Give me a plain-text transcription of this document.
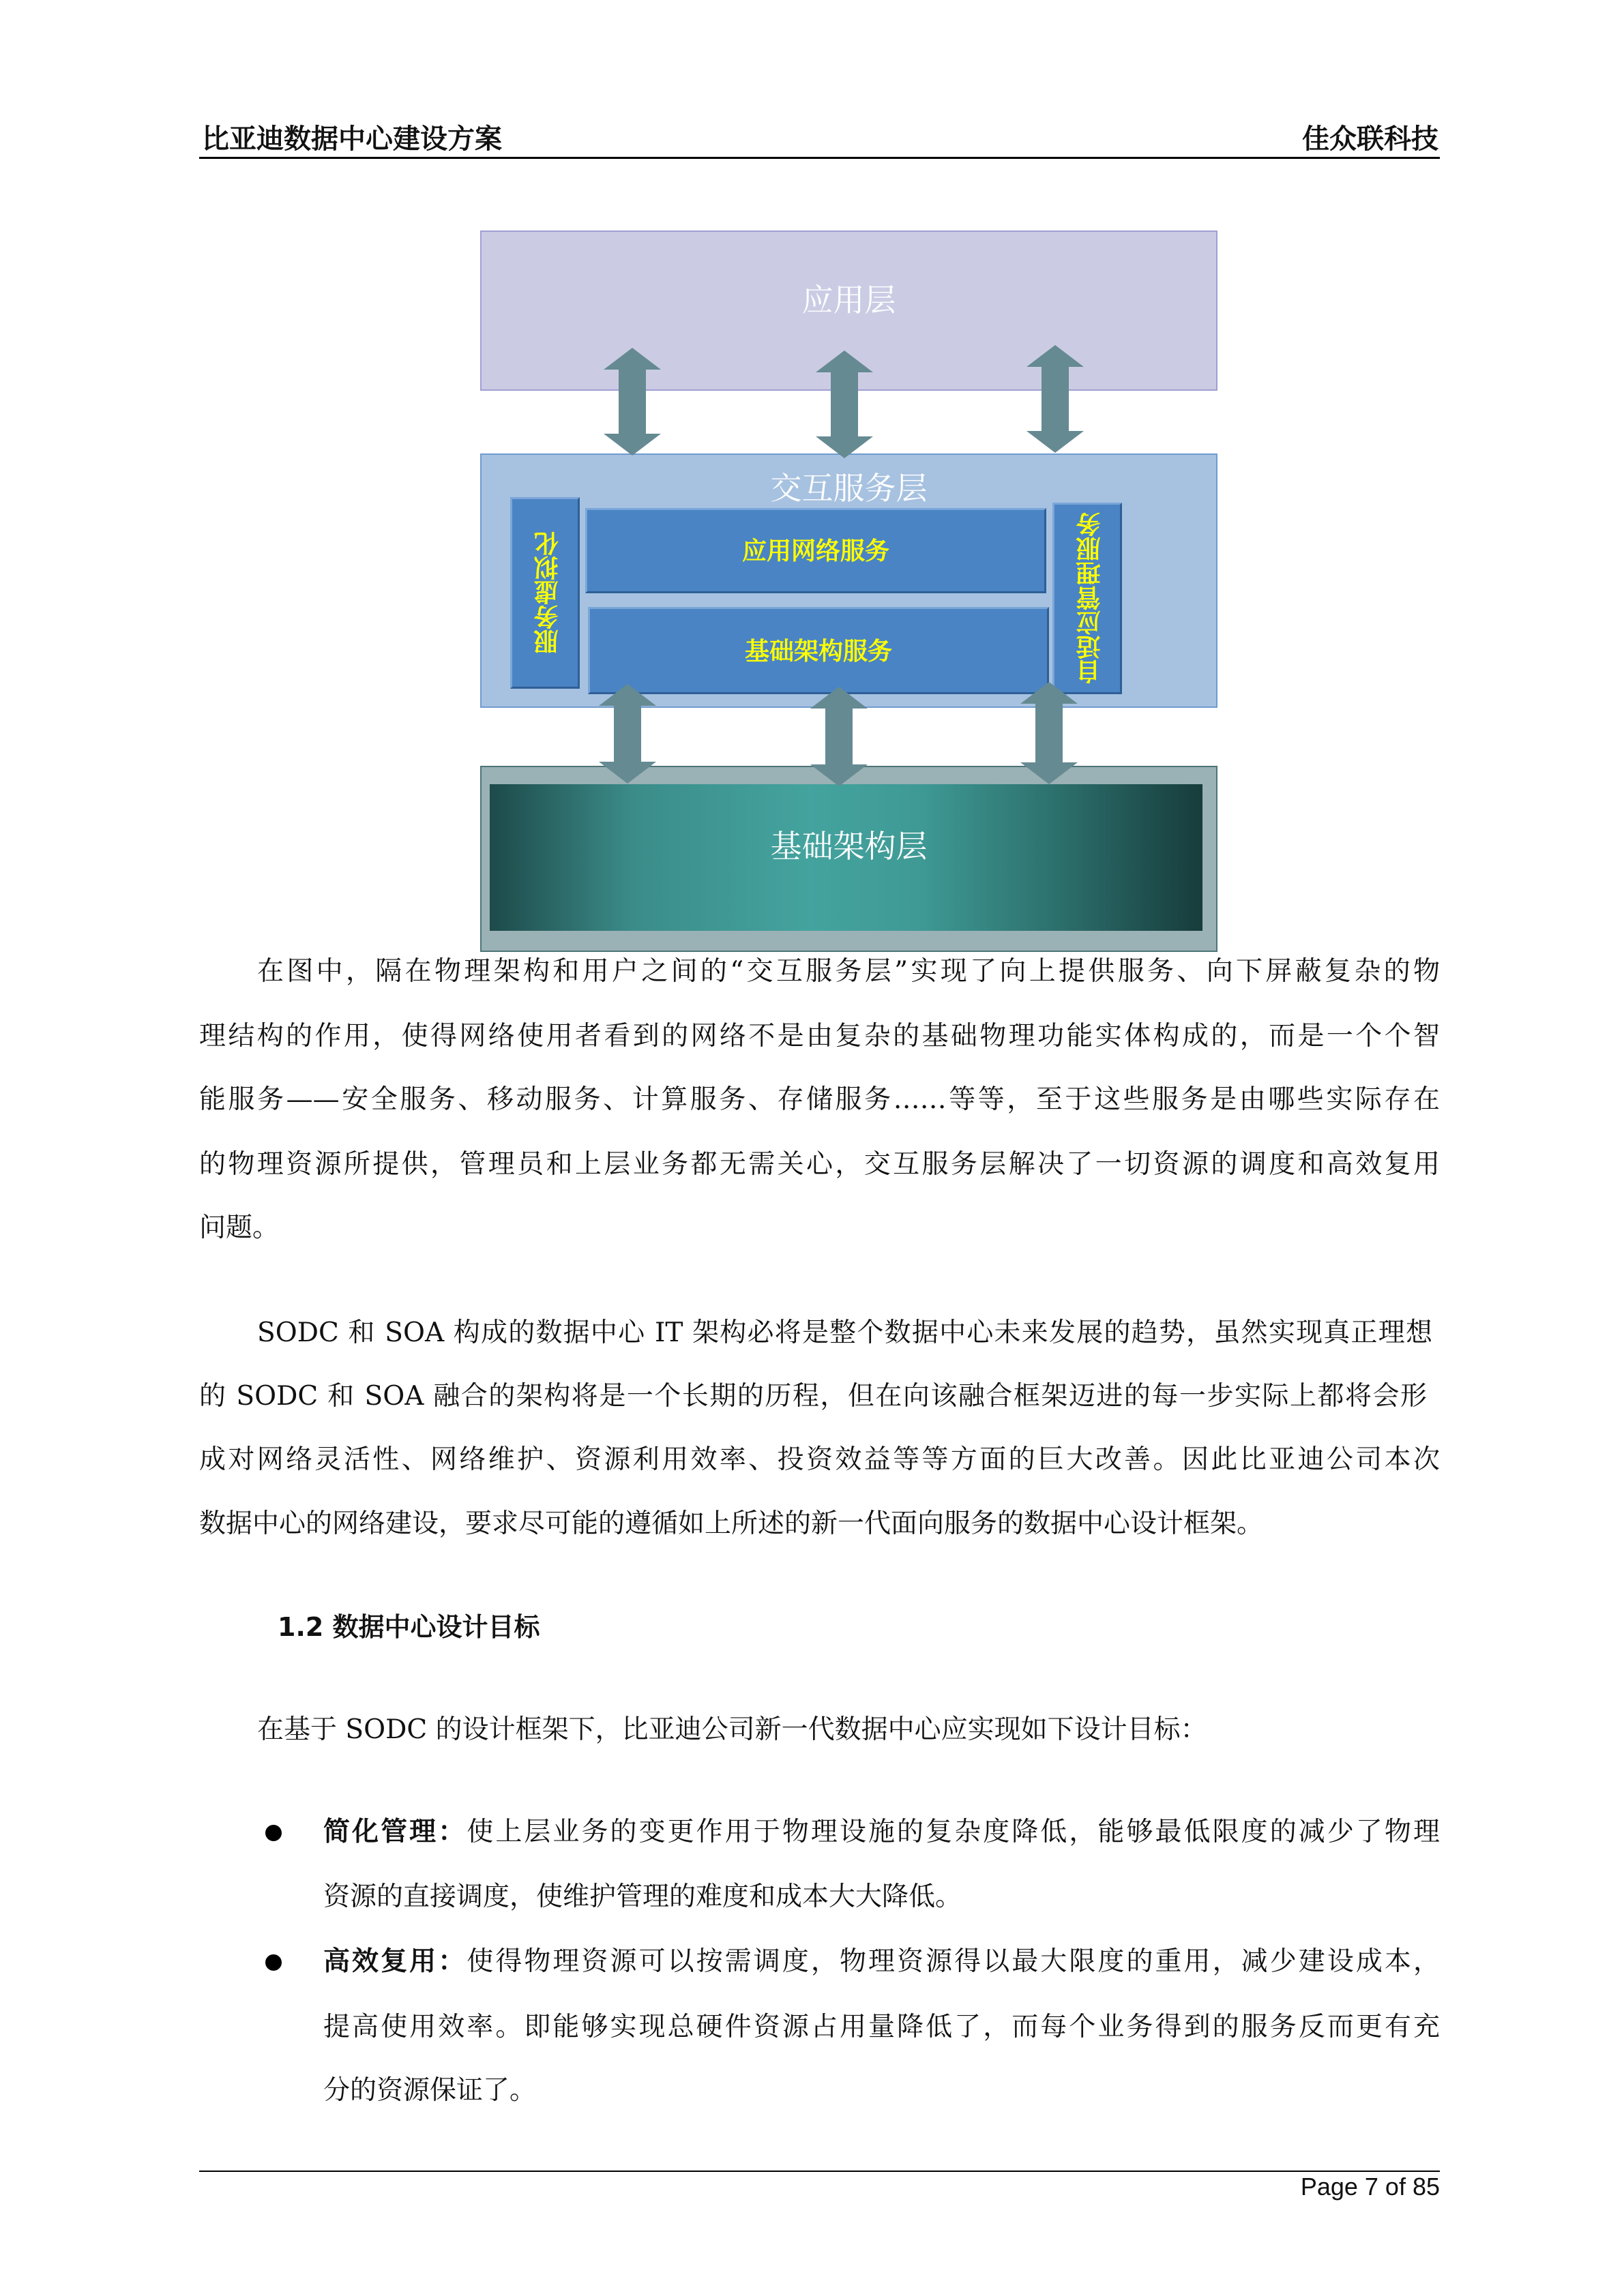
比亚迪数据中心建设方案	佳众联科技
应用层
交互服务层
服务虚拟化	应用网络服务
基础架构服务	自适应管理服务
基础架构层
在图中，隔在物理架构和用户之间的“交互服务层”实现了向上提供服务、向下屏蔽复杂的物
理结构的作用，使得网络使用者看到的网络不是由复杂的基础物理功能实体构成的，而是一个个智
能服务——安全服务、移动服务、计算服务、存储服务……等等，至于这些服务是由哪些实际存在
的物理资源所提供，管理员和上层业务都无需关心，交互服务层解决了一切资源的调度和高效复用
问题。
SODC 和 SOA 构成的数据中心 IT 架构必将是整个数据中心未来发展的趋势，虽然实现真正理想
的 SODC 和 SOA 融合的架构将是一个长期的历程，但在向该融合框架迈进的每一步实际上都将会形
成对网络灵活性、网络维护、资源利用效率、投资效益等等方面的巨大改善。因此比亚迪公司本次
数据中心的网络建设，要求尽可能的遵循如上所述的新一代面向服务的数据中心设计框架。
1.2 数据中心设计目标
在基于 SODC 的设计框架下，比亚迪公司新一代数据中心应实现如下设计目标：
简化管理：使上层业务的变更作用于物理设施的复杂度降低，能够最低限度的减少了物理
资源的直接调度，使维护管理的难度和成本大大降低。
高效复用：使得物理资源可以按需调度，物理资源得以最大限度的重用，减少建设成本，
提高使用效率。即能够实现总硬件资源占用量降低了，而每个业务得到的服务反而更有充
分的资源保证了。
Page 7 of 85
